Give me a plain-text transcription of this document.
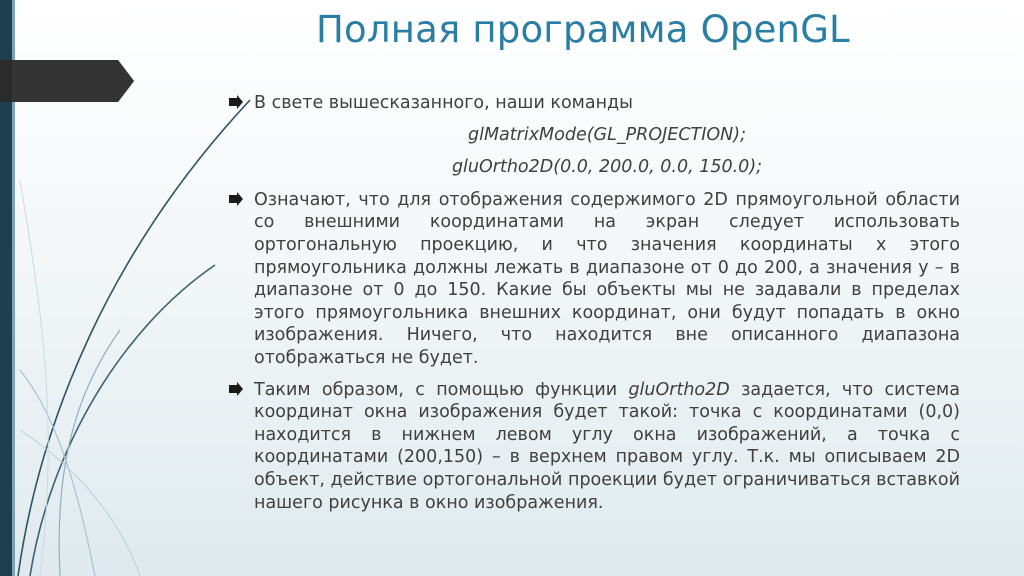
Полная программа OpenGL

В свете вышесказанного, наши команды

glMatrixMode(GL_PROJECTION);
gluOrtho2D(0.0, 200.0, 0.0, 150.0);

Означают, что для отображения содержимого 2D прямоугольной области со внешними координатами на экран следует использовать ортогональную проекцию, и что значения координаты x этого прямоугольника должны лежать в диапазоне от 0 до 200, а значения y – в диапазоне от 0 до 150. Какие бы объекты мы не задавали в пределах этого прямоугольника внешних координат, они будут попадать в окно изображения. Ничего, что находится вне описанного диапазона отображаться не будет.

Таким образом, с помощью функции gluOrtho2D задается, что система координат окна изображения будет такой: точка с координатами (0,0) находится в нижнем левом углу окна изображений, а точка с координатами (200,150) – в верхнем правом углу. Т.к. мы описываем 2D объект, действие ортогональной проекции будет ограничиваться вставкой нашего рисунка в окно изображения.
